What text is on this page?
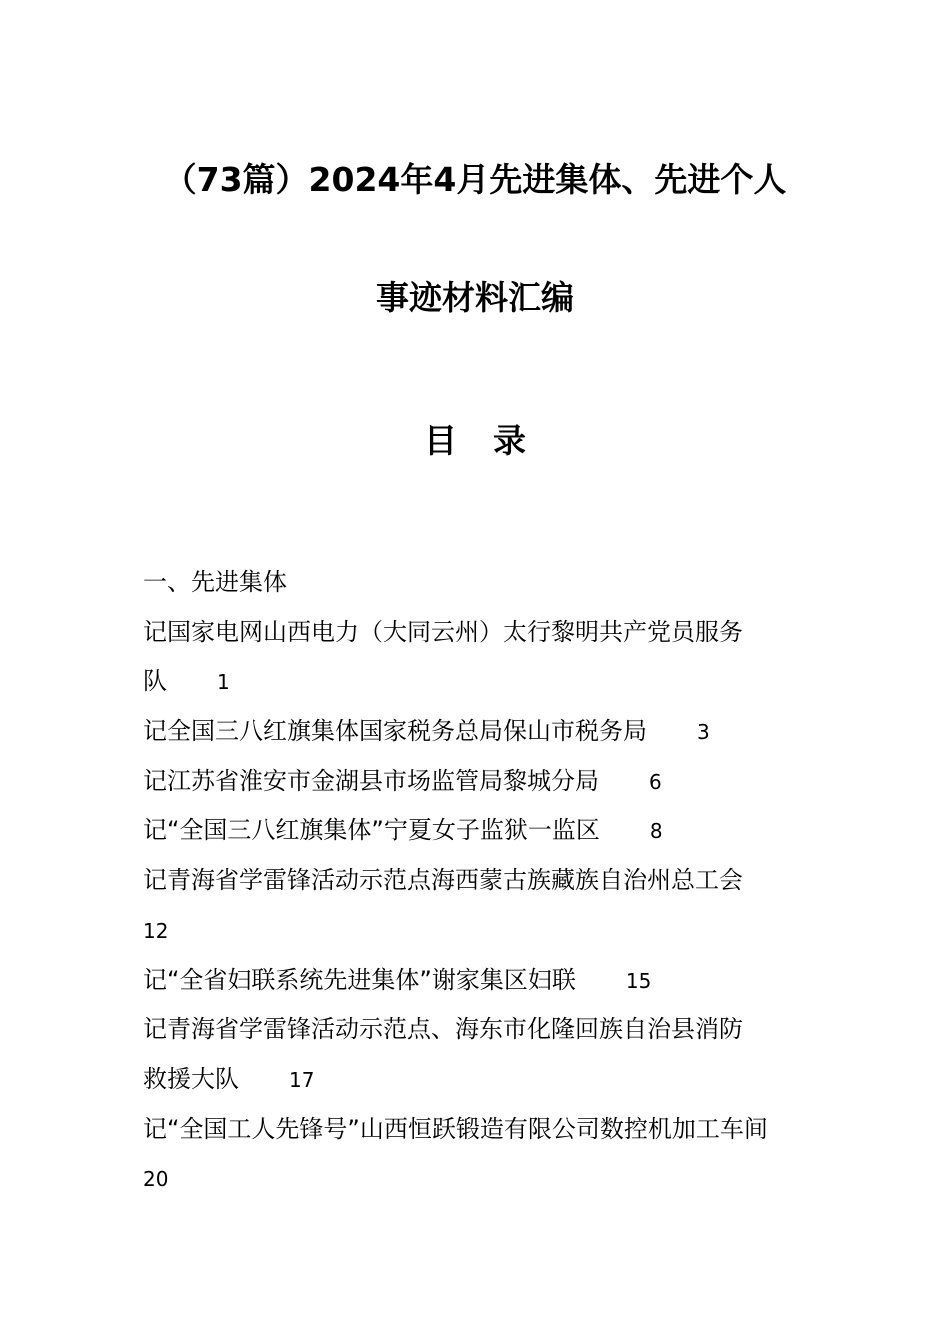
（73篇）2024年4月先进集体、先进个人
事迹材料汇编
目录
一、先进集体
记国家电网山西电力（大同云州）太行黎明共产党员服务
队	1
记全国三八红旗集体国家税务总局保山市税务局	3
记江苏省淮安市金湖县市场监管局黎城分局	6
记“全国三八红旗集体”宁夏女子监狱一监区	8
记青海省学雷锋活动示范点海西蒙古族藏族自治州总工会
12
记“全省妇联系统先进集体”谢家集区妇联	15
记青海省学雷锋活动示范点、海东市化隆回族自治县消防
救援大队	17
记“全国工人先锋号”山西恒跃锻造有限公司数控机加工车间
20
